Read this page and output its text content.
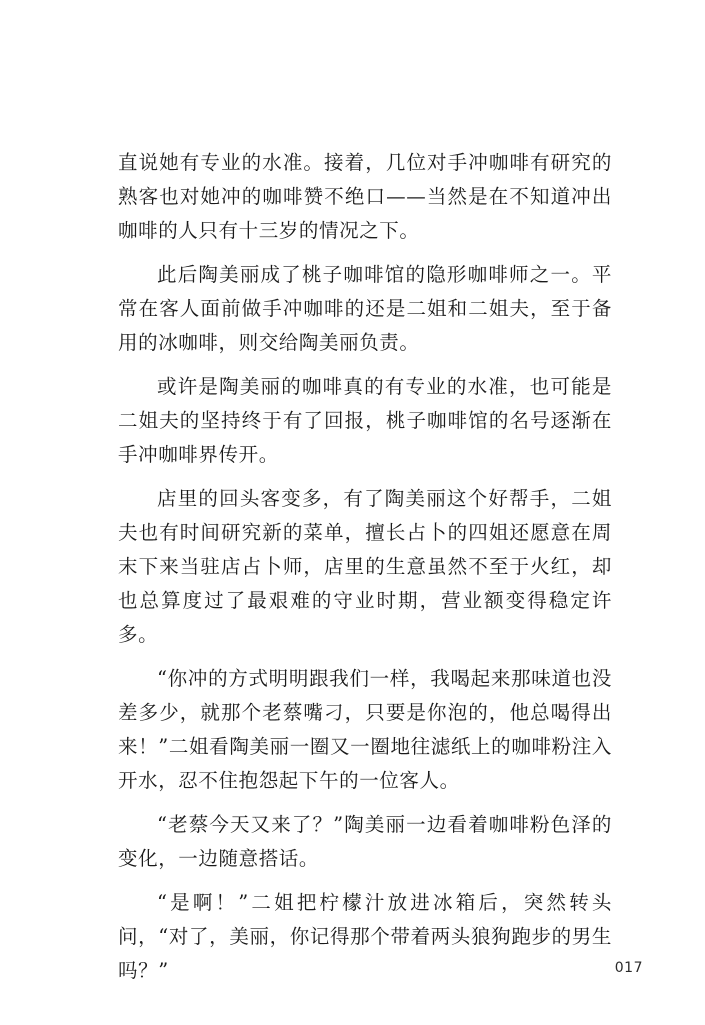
直说她有专业的水准。接着，几位对手冲咖啡有研究的熟客也对她冲的咖啡赞不绝口——当然是在不知道冲出咖啡的人只有十三岁的情况之下。

此后陶美丽成了桃子咖啡馆的隐形咖啡师之一。平常在客人面前做手冲咖啡的还是二姐和二姐夫，至于备用的冰咖啡，则交给陶美丽负责。

或许是陶美丽的咖啡真的有专业的水准，也可能是二姐夫的坚持终于有了回报，桃子咖啡馆的名号逐渐在手冲咖啡界传开。

店里的回头客变多，有了陶美丽这个好帮手，二姐夫也有时间研究新的菜单，擅长占卜的四姐还愿意在周末下来当驻店占卜师，店里的生意虽然不至于火红，却也总算度过了最艰难的守业时期，营业额变得稳定许多。

“你冲的方式明明跟我们一样，我喝起来那味道也没差多少，就那个老蔡嘴刁，只要是你泡的，他总喝得出来！”二姐看陶美丽一圈又一圈地往滤纸上的咖啡粉注入开水，忍不住抱怨起下午的一位客人。

“老蔡今天又来了？”陶美丽一边看着咖啡粉色泽的变化，一边随意搭话。

“是啊！”二姐把柠檬汁放进冰箱后，突然转头问，“对了，美丽，你记得那个带着两头狼狗跑步的男生吗？”	017
